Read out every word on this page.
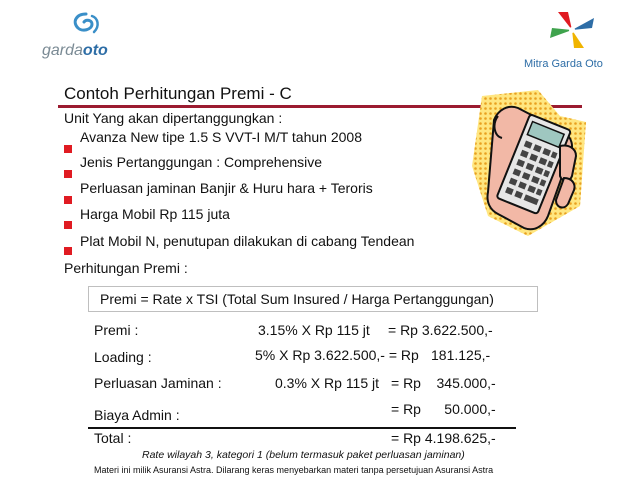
gardaoto
Mitra Garda Oto
Contoh Perhitungan Premi - C
Unit Yang akan dipertanggungkan :
Avanza New tipe 1.5 S VVT-I M/T tahun 2008
Jenis Pertanggungan : Comprehensive
Perluasan jaminan Banjir & Huru hara + Teroris
Harga Mobil Rp 115 juta
Plat Mobil N, penutupan dilakukan di cabang Tendean
Perhitungan Premi :
Premi = Rate x TSI (Total Sum Insured / Harga Pertanggungan)
Premi :	3.15% X Rp 115 jt = Rp 3.622.500,-
Loading :	5% X Rp 3.622.500,- = Rp 181.125,-
Perluasan Jaminan :	0.3% X Rp 115 jt = Rp    345.000,-
Biaya Admin :	= Rp      50.000,-
Total :	= Rp 4.198.625,-
Rate wilayah 3, kategori 1 (belum termasuk paket perluasan jaminan)
Materi ini milik Asuransi Astra. Dilarang keras menyebarkan materi tanpa persetujuan Asuransi Astra
